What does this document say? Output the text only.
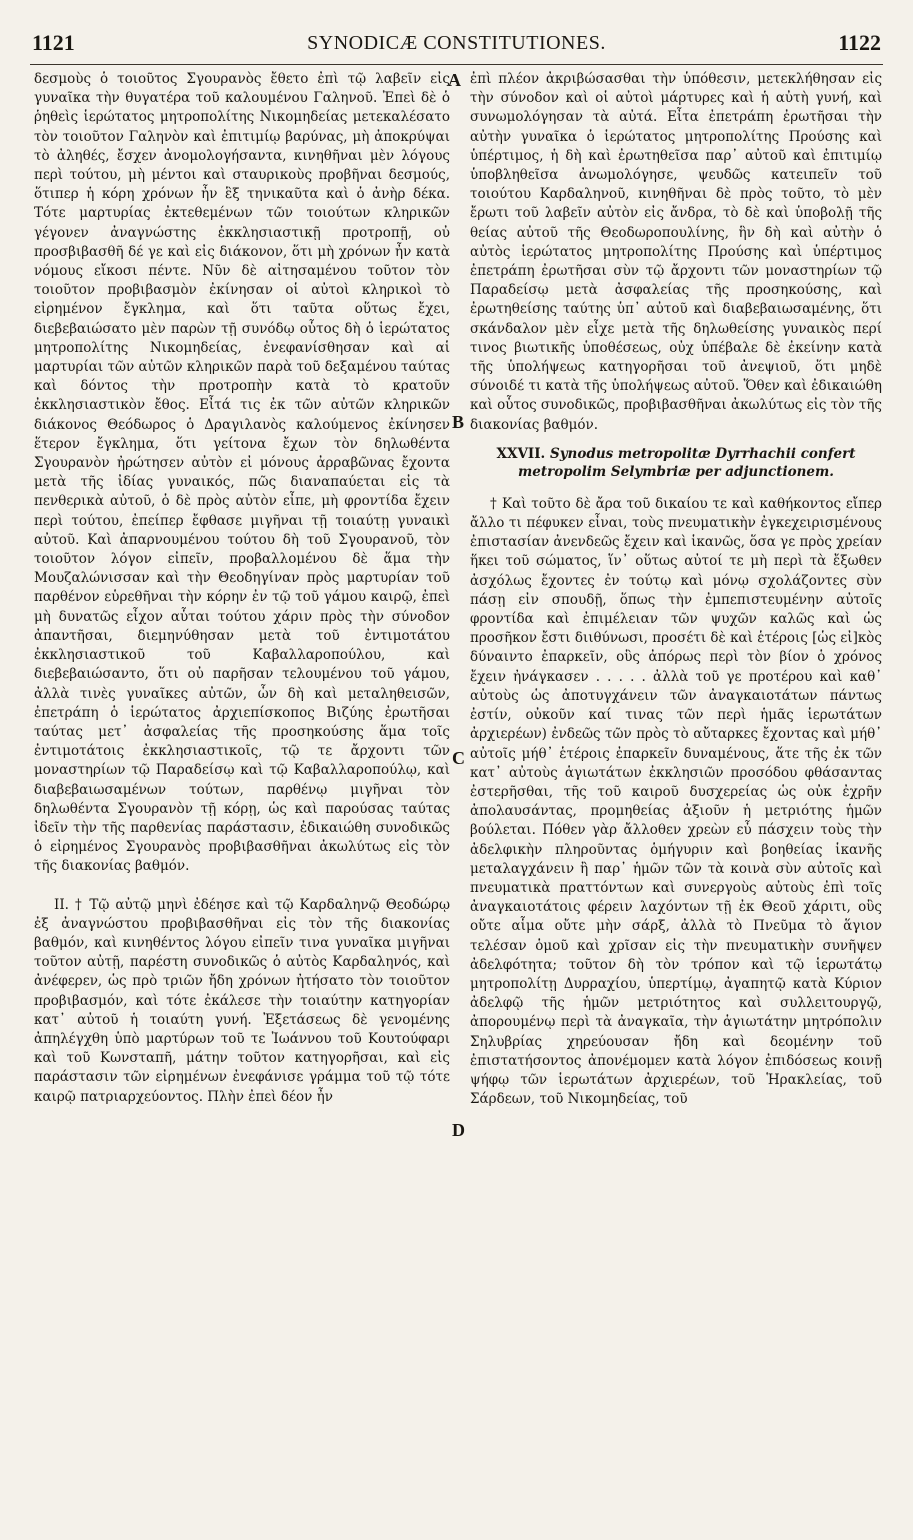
1121	SYNODICÆ CONSTITUTIONES.	1122

δεσμοὺς ὁ τοιοῦτος Σγουρανὸς ἔθετο ἐπὶ τῷ λαβεῖν εἰς γυναῖκα τὴν θυγατέρα τοῦ καλουμένου Γαληνοῦ. Ἐπεὶ δὲ ὁ ῥηθεὶς ἱερώτατος μητροπολίτης Νικομηδείας μετεκαλέσατο τὸν τοιοῦτον Γαληνὸν καὶ ἐπιτιμίῳ βαρύνας, μὴ ἀποκρύψαι τὸ ἀληθές, ἔσχεν ἀνομολογήσαντα, κινηθῆναι μὲν λόγους περὶ τούτου, μὴ μέντοι καὶ σταυρικοὺς προβῆναι δεσμούς, ὅτιπερ ἡ κόρη χρόνων ἦν ἓξ τηνικαῦτα καὶ ὁ ἀνὴρ δέκα. Τότε μαρτυρίας ἐκτεθεμένων τῶν τοιούτων κληρικῶν γέγονεν ἀναγνώστης ἐκκλησιαστικῇ προτροπῇ, οὐ προσβιβασθῆ δέ γε καὶ εἰς διάκονον, ὅτι μὴ χρόνων ἦν κατὰ νόμους εἴκοσι πέντε. Νῦν δὲ αἰτησαμένου τοῦτον τὸν τοιοῦτον προβιβασμὸν ἐκίνησαν οἱ αὐτοὶ κληρικοὶ τὸ εἰρημένον ἔγκλημα, καὶ ὅτι ταῦτα οὕτως ἔχει, διεβεβαιώσατο μὲν παρὼν τῇ συνόδῳ οὗτος δὴ ὁ ἱερώτατος μητροπολίτης Νικομηδείας, ἐνεφανίσθησαν καὶ αἱ μαρτυρίαι τῶν αὐτῶν κληρικῶν παρὰ τοῦ δεξαμένου ταύτας καὶ δόντος τὴν προτροπὴν κατὰ τὸ κρατοῦν ἐκκλησιαστικὸν ἔθος. Εἶτά τις ἐκ τῶν αὐτῶν κληρικῶν διάκονος Θεόδωρος ὁ Δραγιλανὸς καλούμενος ἐκίνησεν ἕτερον ἔγκλημα, ὅτι γείτονα ἔχων τὸν δηλωθέντα Σγουρανὸν ἠρώτησεν αὐτὸν εἰ μόνους ἀρραβῶνας ἔχοντα μετὰ τῆς ἰδίας γυναικός, πῶς διαναπαύεται εἰς τὰ πενθερικὰ αὐτοῦ, ὁ δὲ πρὸς αὐτὸν εἶπε, μὴ φροντίδα ἔχειν περὶ τούτου, ἐπείπερ ἔφθασε μιγῆναι τῇ τοιαύτῃ γυναικὶ αὐτοῦ. Καὶ ἀπαρνουμένου τούτου δὴ τοῦ Σγουρανοῦ, τὸν τοιοῦτον λόγον εἰπεῖν, προβαλλομένου δὲ ἅμα τὴν Μουζαλώνισσαν καὶ τὴν Θεοδηγίναν πρὸς μαρτυρίαν τοῦ παρθένον εὑρεθῆναι τὴν κόρην ἐν τῷ τοῦ γάμου καιρῷ, ἐπεὶ μὴ δυνατῶς εἶχον αὗται τούτου χάριν πρὸς τὴν σύνοδον ἀπαντῆσαι, διεμηνύθησαν μετὰ τοῦ ἐντιμοτάτου ἐκκλησιαστικοῦ τοῦ Καβαλλαροπούλου, καὶ διεβεβαιώσαντο, ὅτι οὐ παρῆσαν τελουμένου τοῦ γάμου, ἀλλὰ τινὲς γυναῖκες αὐτῶν, ὧν δὴ καὶ μεταληθεισῶν, ἐπετράπη ὁ ἱερώτατος ἀρχιεπίσκοπος Βιζύης ἐρωτῆσαι ταύτας μετ᾽ ἀσφαλείας τῆς προσηκούσης ἅμα τοῖς ἐντιμοτάτοις ἐκκλησιαστικοῖς, τῷ τε ἄρχοντι τῶν μοναστηρίων τῷ Παραδείσῳ καὶ τῷ Καβαλλαροπούλῳ, καὶ διαβεβαιωσαμένων τούτων, παρθένῳ μιγῆναι τὸν δηλωθέντα Σγουρανὸν τῇ κόρῃ, ὡς καὶ παρούσας ταύτας ἰδεῖν τὴν τῆς παρθενίας παράστασιν, ἐδικαιώθη συνοδικῶς ὁ εἰρημένος Σγουρανὸς προβιβασθῆναι ἀκωλύτως εἰς τὸν τῆς διακονίας βαθμόν.

II. † Τῷ αὐτῷ μηνὶ ἐδέησε καὶ τῷ Καρδαληνῷ Θεοδώρῳ ἐξ ἀναγνώστου προβιβασθῆναι εἰς τὸν τῆς διακονίας βαθμόν, καὶ κινηθέντος λόγου εἰπεῖν τινα γυναῖκα μιγῆναι τοῦτον αὐτῇ, παρέστη συνοδικῶς ὁ αὐτὸς Καρδαληνός, καὶ ἀνέφερεν, ὡς πρὸ τριῶν ἤδη χρόνων ἠτήσατο τὸν τοιοῦτον προβιβασμόν, καὶ τότε ἐκάλεσε τὴν τοιαύτην κατηγορίαν κατ᾽ αὐτοῦ ἡ τοιαύτη γυνή. Ἐξετάσεως δὲ γενομένης ἀπηλέγχθη ὑπὸ μαρτύρων τοῦ τε Ἰωάννου τοῦ Κουτούφαρι καὶ τοῦ Κωνσταπῆ, μάτην τοῦτον κατηγορῆσαι, καὶ εἰς παράστασιν τῶν εἰρημένων ἐνεφάνισε γράμμα τοῦ τῷ τότε καιρῷ πατριαρχεύοντος. Πλὴν ἐπεὶ δέον ἦν

A
B
C
D

ἐπὶ πλέον ἀκριβώσασθαι τὴν ὑπόθεσιν, μετεκλήθησαν εἰς τὴν σύνοδον καὶ οἱ αὐτοὶ μάρτυρες καὶ ἡ αὐτὴ γυνή, καὶ συνωμολόγησαν τὰ αὐτά. Εἶτα ἐπετράπη ἐρωτῆσαι τὴν αὐτὴν γυναῖκα ὁ ἱερώτατος μητροπολίτης Προύσης καὶ ὑπέρτιμος, ἡ δὴ καὶ ἐρωτηθεῖσα παρ᾽ αὐτοῦ καὶ ἐπιτιμίῳ ὑποβληθεῖσα ἀνωμολόγησε, ψευδῶς κατειπεῖν τοῦ τοιούτου Καρδαληνοῦ, κινηθῆναι δὲ πρὸς τοῦτο, τὸ μὲν ἔρωτι τοῦ λαβεῖν αὐτὸν εἰς ἄνδρα, τὸ δὲ καὶ ὑποβολῇ τῆς θείας αὐτοῦ τῆς Θεοδωροπουλίνης, ἣν δὴ καὶ αὐτὴν ὁ αὐτὸς ἱερώτατος μητροπολίτης Προύσης καὶ ὑπέρτιμος ἐπετράπη ἐρωτῆσαι σὺν τῷ ἄρχοντι τῶν μοναστηρίων τῷ Παραδείσῳ μετὰ ἀσφαλείας τῆς προσηκούσης, καὶ ἐρωτηθείσης ταύτης ὑπ᾽ αὐτοῦ καὶ διαβεβαιωσαμένης, ὅτι σκάνδαλον μὲν εἶχε μετὰ τῆς δηλωθείσης γυναικὸς περί τινος βιωτικῆς ὑποθέσεως, οὐχ ὑπέβαλε δὲ ἐκείνην κατὰ τῆς ὑπολήψεως κατηγορῆσαι τοῦ ἀνεψιοῦ, ὅτι μηδὲ σύνοιδέ τι κατὰ τῆς ὑπολήψεως αὐτοῦ. Ὅθεν καὶ ἐδικαιώθη καὶ οὗτος συνοδικῶς, προβιβασθῆναι ἀκωλύτως εἰς τὸν τῆς διακονίας βαθμόν.

XXVII. Synodus metropolitæ Dyrrhachii confert metropolim Selymbriæ per adjunctionem.

† Καὶ τοῦτο δὲ ἄρα τοῦ δικαίου τε καὶ καθήκοντος εἴπερ ἄλλο τι πέφυκεν εἶναι, τοὺς πνευματικὴν ἐγκεχειρισμένους ἐπιστασίαν ἀνενδεῶς ἔχειν καὶ ἱκανῶς, ὅσα γε πρὸς χρείαν ἥκει τοῦ σώματος, ἵν᾽ οὕτως αὐτοί τε μὴ περὶ τὰ ἔξωθεν ἀσχόλως ἔχοντες ἐν τούτῳ καὶ μόνῳ σχολάζοντες σὺν πάσῃ εἰν σπουδῇ, ὅπως τὴν ἐμπεπιστευμένην αὐτοῖς φροντίδα καὶ ἐπιμέλειαν τῶν ψυχῶν καλῶς καὶ ὡς προσῆκον ἔστι διιθύνωσι, προσέτι δὲ καὶ ἑτέροις [ὡς εἰ]κὸς δύναιντο ἐπαρκεῖν, οὓς ἀπόρως περὶ τὸν βίον ὁ χρόνος ἔχειν ἠνάγκασεν . . . . . ἀλλὰ τοῦ γε προτέρου καὶ καθ᾽ αὐτοὺς ὡς ἀποτυγχάνειν τῶν ἀναγκαιοτάτων πάντως ἐστίν, οὐκοῦν καί τινας τῶν περὶ ἡμᾶς ἱερωτάτων ἀρχιερέων) ἐνδεῶς τῶν πρὸς τὸ αὔταρκες ἔχοντας καὶ μήθ᾽ αὐτοῖς μήθ᾽ ἑτέροις ἐπαρκεῖν δυναμένους, ἅτε τῆς ἐκ τῶν κατ᾽ αὐτοὺς ἁγιωτάτων ἐκκλησιῶν προσόδου φθάσαντας ἐστερῆσθαι, τῆς τοῦ καιροῦ δυσχερείας ὡς οὐκ ἐχρῆν ἀπολαυσάντας, προμηθείας ἀξιοῦν ἡ μετριότης ἡμῶν βούλεται. Πόθεν γὰρ ἄλλοθεν χρεὼν εὖ πάσχειν τοὺς τὴν ἀδελφικὴν πληροῦντας ὁμήγυριν καὶ βοηθείας ἱκανῆς μεταλαγχάνειν ἢ παρ᾽ ἡμῶν τῶν τὰ κοινὰ σὺν αὐτοῖς καὶ πνευματικὰ πραττόντων καὶ συνεργοὺς αὐτοὺς ἐπὶ τοῖς ἀναγκαιοτάτοις φέρειν λαχόντων τῇ ἐκ Θεοῦ χάριτι, οὓς οὔτε αἷμα οὔτε μὴν σάρξ, ἀλλὰ τὸ Πνεῦμα τὸ ἅγιον τελέσαν ὁμοῦ καὶ χρῖσαν εἰς τὴν πνευματικὴν συνῆψεν ἀδελφότητα; τοῦτον δὴ τὸν τρόπον καὶ τῷ ἱερωτάτῳ μητροπολίτῃ Δυρραχίου, ὑπερτίμῳ, ἀγαπητῷ κατὰ Κύριον ἀδελφῷ τῆς ἡμῶν μετριότητος καὶ συλλειτουργῷ, ἀπορουμένῳ περὶ τὰ ἀναγκαῖα, τὴν ἁγιωτάτην μητρόπολιν Σηλυβρίας χηρεύουσαν ἤδη καὶ δεομένην τοῦ ἐπιστατήσοντος ἀπονέμομεν κατὰ λόγον ἐπιδόσεως κοινῇ ψήφῳ τῶν ἱερωτάτων ἀρχιερέων, τοῦ Ἡρακλείας, τοῦ Σάρδεων, τοῦ Νικομηδείας, τοῦ
